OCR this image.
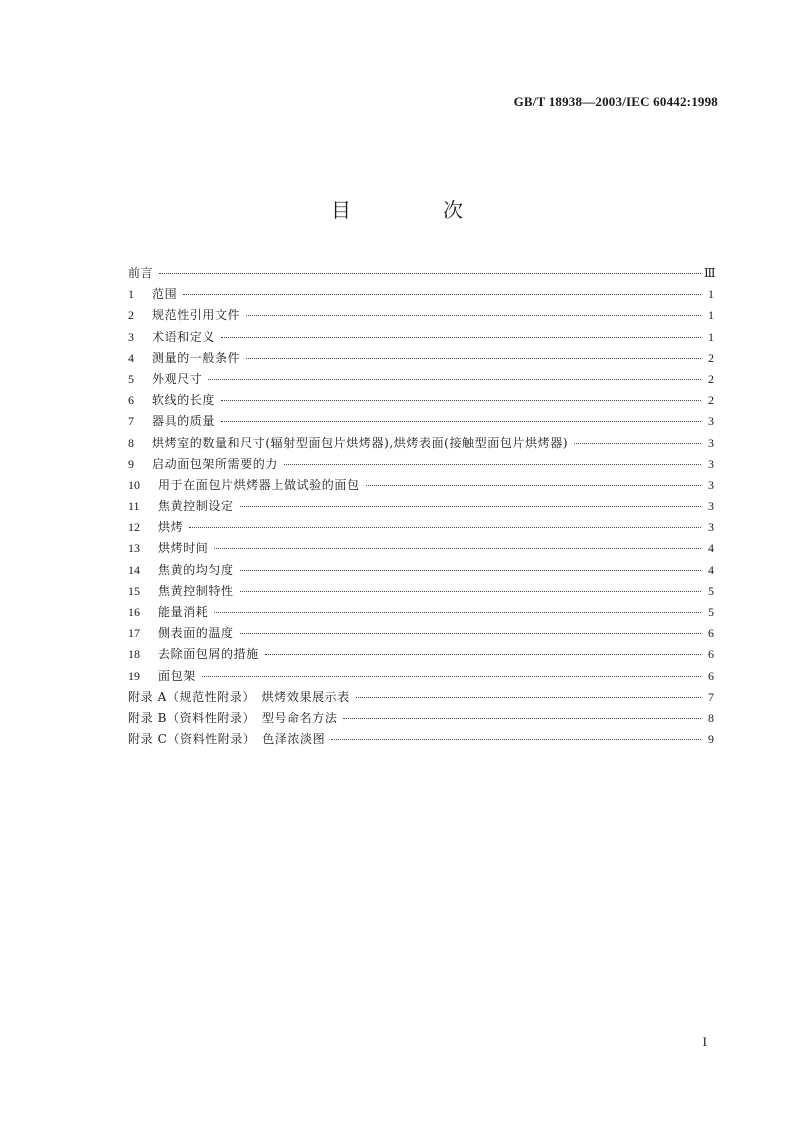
GB/T 18938—2003/IEC 60442:1998
目　次
前言	Ⅲ
1	范围	1
2	规范性引用文件	1
3	术语和定义	1
4	测量的一般条件	2
5	外观尺寸	2
6	软线的长度	2
7	器具的质量	3
8	烘烤室的数量和尺寸(辐射型面包片烘烤器),烘烤表面(接触型面包片烘烤器)	3
9	启动面包架所需要的力	3
10	用于在面包片烘烤器上做试验的面包	3
11	焦黄控制设定	3
12	烘烤	3
13	烘烤时间	4
14	焦黄的均匀度	4
15	焦黄控制特性	5
16	能量消耗	5
17	侧表面的温度	6
18	去除面包屑的措施	6
19	面包架	6
附录 A（规范性附录）　烘烤效果展示表	7
附录 B（资料性附录）　型号命名方法	8
附录 C（资料性附录）　色泽浓淡图	9
I
